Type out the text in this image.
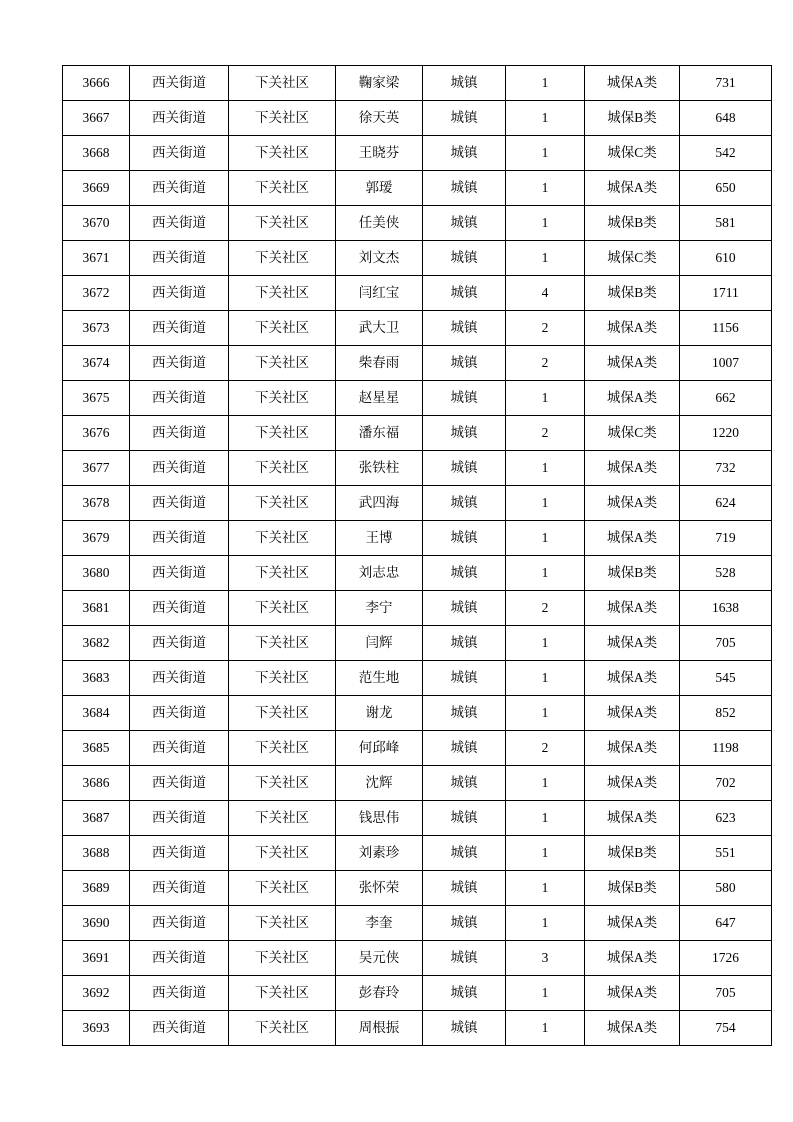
3666	西关街道	下关社区	鞠家梁	城镇	1	城保A类	731
3667	西关街道	下关社区	徐天英	城镇	1	城保B类	648
3668	西关街道	下关社区	王晓芬	城镇	1	城保C类	542
3669	西关街道	下关社区	郭瑷	城镇	1	城保A类	650
3670	西关街道	下关社区	任美侠	城镇	1	城保B类	581
3671	西关街道	下关社区	刘文杰	城镇	1	城保C类	610
3672	西关街道	下关社区	闫红宝	城镇	4	城保B类	1711
3673	西关街道	下关社区	武大卫	城镇	2	城保A类	1156
3674	西关街道	下关社区	柴春雨	城镇	2	城保A类	1007
3675	西关街道	下关社区	赵星星	城镇	1	城保A类	662
3676	西关街道	下关社区	潘东福	城镇	2	城保C类	1220
3677	西关街道	下关社区	张铁柱	城镇	1	城保A类	732
3678	西关街道	下关社区	武四海	城镇	1	城保A类	624
3679	西关街道	下关社区	王博	城镇	1	城保A类	719
3680	西关街道	下关社区	刘志忠	城镇	1	城保B类	528
3681	西关街道	下关社区	李宁	城镇	2	城保A类	1638
3682	西关街道	下关社区	闫辉	城镇	1	城保A类	705
3683	西关街道	下关社区	范生地	城镇	1	城保A类	545
3684	西关街道	下关社区	谢龙	城镇	1	城保A类	852
3685	西关街道	下关社区	何邱峰	城镇	2	城保A类	1198
3686	西关街道	下关社区	沈辉	城镇	1	城保A类	702
3687	西关街道	下关社区	钱思伟	城镇	1	城保A类	623
3688	西关街道	下关社区	刘素珍	城镇	1	城保B类	551
3689	西关街道	下关社区	张怀荣	城镇	1	城保B类	580
3690	西关街道	下关社区	李奎	城镇	1	城保A类	647
3691	西关街道	下关社区	吴元侠	城镇	3	城保A类	1726
3692	西关街道	下关社区	彭春玲	城镇	1	城保A类	705
3693	西关街道	下关社区	周根振	城镇	1	城保A类	754
